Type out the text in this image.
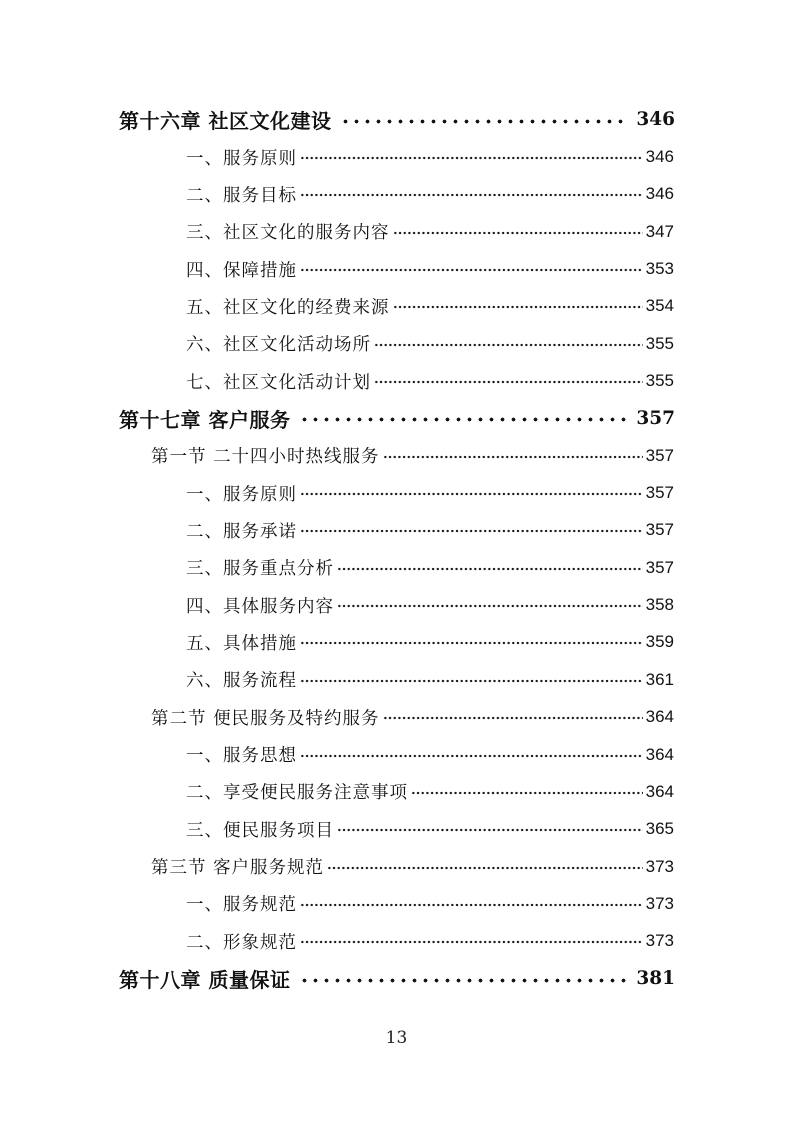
第十六章 社区文化建设	346
一、服务原则	346
二、服务目标	346
三、社区文化的服务内容	347
四、保障措施	353
五、社区文化的经费来源	354
六、社区文化活动场所	355
七、社区文化活动计划	355
第十七章 客户服务	357
第一节 二十四小时热线服务	357
一、服务原则	357
二、服务承诺	357
三、服务重点分析	357
四、具体服务内容	358
五、具体措施	359
六、服务流程	361
第二节 便民服务及特约服务	364
一、服务思想	364
二、享受便民服务注意事项	364
三、便民服务项目	365
第三节 客户服务规范	373
一、服务规范	373
二、形象规范	373
第十八章 质量保证	381
13
